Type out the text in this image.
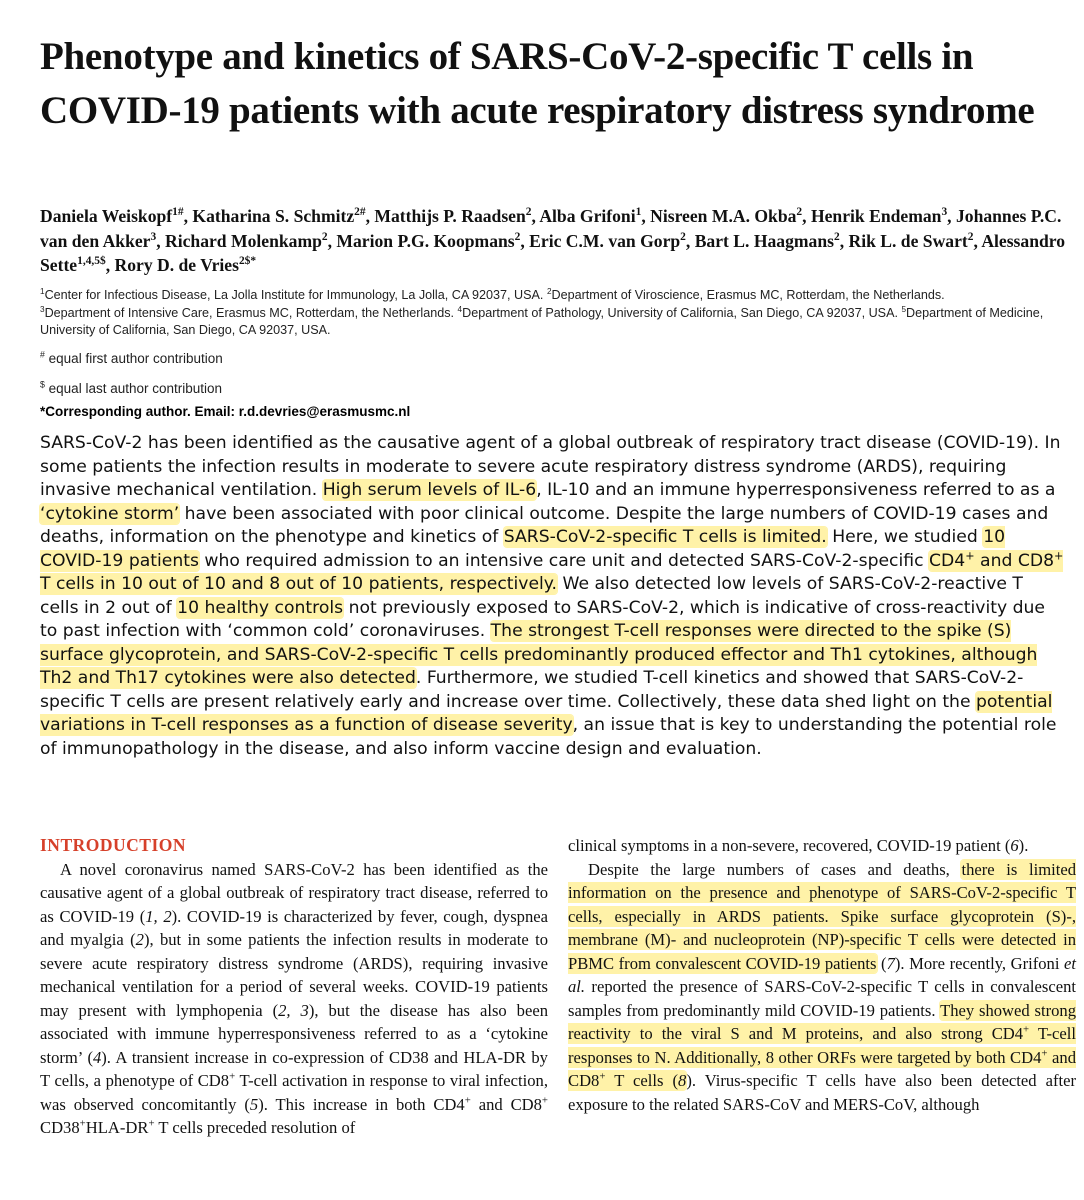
Phenotype and kinetics of SARS-CoV-2-specific T cells in COVID-19 patients with acute respiratory distress syndrome
Daniela Weiskopf$^{1\#}$, Katharina S. Schmitz$^{2\#}$, Matthijs P. Raadsen$^2$, Alba Grifoni$^1$, Nisreen M.A. Okba$^2$, Henrik Endeman$^3$, Johannes P.C. van den Akker$^3$, Richard Molenkamp$^2$, Marion P.G. Koopmans$^2$, Eric C.M. van Gorp$^2$, Bart L. Haagmans$^2$, Rik L. de Swart$^2$, Alessandro Sette$^{1,4,5\$}$, Rory D. de Vries$^{2\$*}$
$^1$Center for Infectious Disease, La Jolla Institute for Immunology, La Jolla, CA 92037, USA. $^2$Department of Viroscience, Erasmus MC, Rotterdam, the Netherlands.
$^3$Department of Intensive Care, Erasmus MC, Rotterdam, the Netherlands. $^4$Department of Pathology, University of California, San Diego, CA 92037, USA. $^5$Department of Medicine, University of California, San Diego, CA 92037, USA.
# equal first author contribution
$ equal last author contribution
*Corresponding author. Email: r.d.devries@erasmusmc.nl
SARS-CoV-2 has been identified as the causative agent of a global outbreak of respiratory tract disease (COVID-19). In some patients the infection results in moderate to severe acute respiratory distress syndrome (ARDS), requiring invasive mechanical ventilation. High serum levels of IL-6, IL-10 and an immune hyperresponsiveness referred to as a ‘cytokine storm’ have been associated with poor clinical outcome. Despite the large numbers of COVID-19 cases and deaths, information on the phenotype and kinetics of SARS-CoV-2-specific T cells is limited. Here, we studied 10 COVID-19 patients who required admission to an intensive care unit and detected SARS-CoV-2-specific CD4+ and CD8+ T cells in 10 out of 10 and 8 out of 10 patients, respectively. We also detected low levels of SARS-CoV-2-reactive T cells in 2 out of 10 healthy controls not previously exposed to SARS-CoV-2, which is indicative of cross-reactivity due to past infection with ‘common cold’ coronaviruses. The strongest T-cell responses were directed to the spike (S) surface glycoprotein, and SARS-CoV-2-specific T cells predominantly produced effector and Th1 cytokines, although Th2 and Th17 cytokines were also detected. Furthermore, we studied T-cell kinetics and showed that SARS-CoV-2-specific T cells are present relatively early and increase over time. Collectively, these data shed light on the potential variations in T-cell responses as a function of disease severity, an issue that is key to understanding the potential role of immunopathology in the disease, and also inform vaccine design and evaluation.
INTRODUCTION

A novel coronavirus named SARS-CoV-2 has been identified as the causative agent of a global outbreak of respiratory tract disease, referred to as COVID-19 (1, 2). COVID-19 is characterized by fever, cough, dyspnea and myalgia (2), but in some patients the infection results in moderate to severe acute respiratory distress syndrome (ARDS), requiring invasive mechanical ventilation for a period of several weeks. COVID-19 patients may present with lymphopenia (2, 3), but the disease has also been associated with immune hyperresponsiveness referred to as a ‘cytokine storm’ (4). A transient increase in co-expression of CD38 and HLA-DR by T cells, a phenotype of CD8+ T-cell activation in response to viral infection, was observed concomitantly (5). This increase in both CD4+ and CD8+ CD38+HLA-DR+ T cells preceded resolution of

clinical symptoms in a non-severe, recovered, COVID-19 patient (6).

Despite the large numbers of cases and deaths, there is limited information on the presence and phenotype of SARS-CoV-2-specific T cells, especially in ARDS patients. Spike surface glycoprotein (S)-, membrane (M)- and nucleoprotein (NP)-specific T cells were detected in PBMC from convalescent COVID-19 patients (7). More recently, Grifoni et al. reported the presence of SARS-CoV-2-specific T cells in convalescent samples from predominantly mild COVID-19 patients. They showed strong reactivity to the viral S and M proteins, and also strong CD4+ T-cell responses to N. Additionally, 8 other ORFs were targeted by both CD4+ and CD8+ T cells (8). Virus-specific T cells have also been detected after exposure to the related SARS-CoV and MERS-CoV, although
